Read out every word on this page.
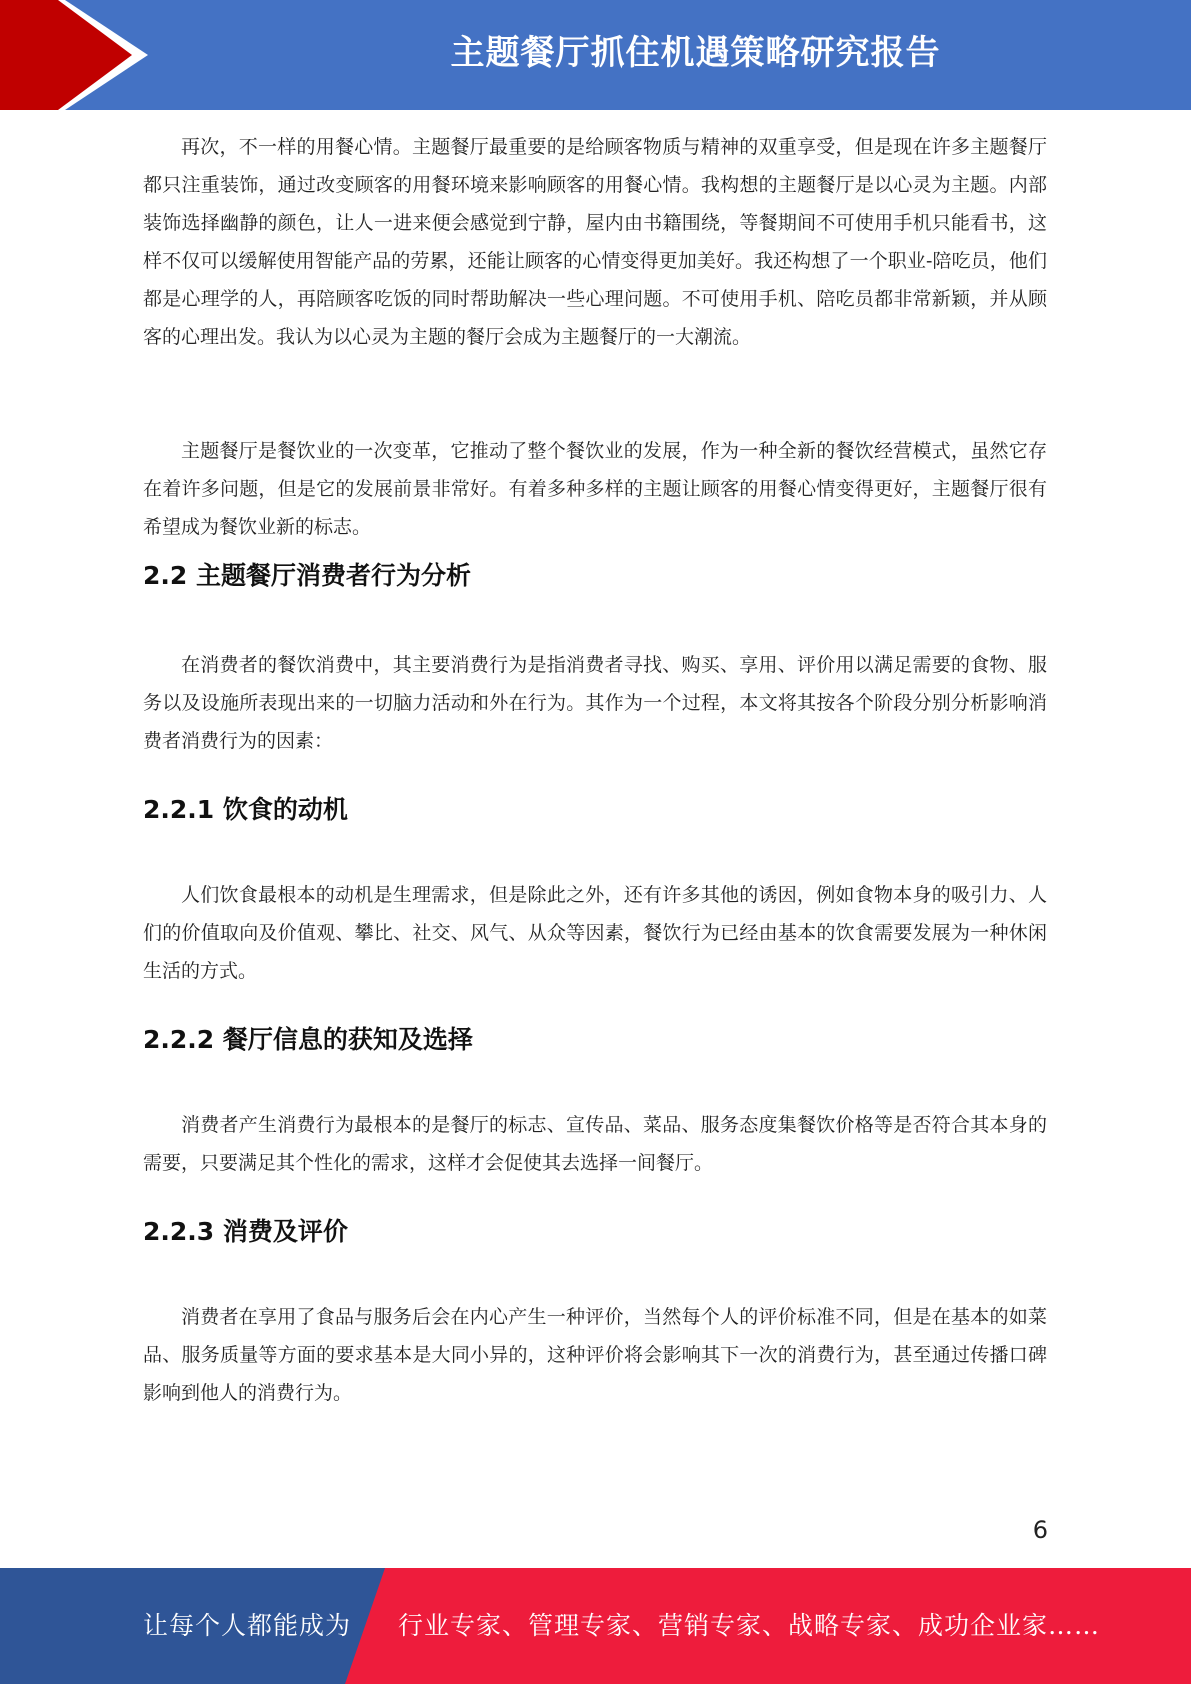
主题餐厅抓住机遇策略研究报告

再次，不一样的用餐心情。主题餐厅最重要的是给顾客物质与精神的双重享受，但是现在许多主题餐厅都只注重装饰，通过改变顾客的用餐环境来影响顾客的用餐心情。我构想的主题餐厅是以心灵为主题。内部装饰选择幽静的颜色，让人一进来便会感觉到宁静，屋内由书籍围绕，等餐期间不可使用手机只能看书，这样不仅可以缓解使用智能产品的劳累，还能让顾客的心情变得更加美好。我还构想了一个职业-陪吃员，他们都是心理学的人，再陪顾客吃饭的同时帮助解决一些心理问题。不可使用手机、陪吃员都非常新颖，并从顾客的心理出发。我认为以心灵为主题的餐厅会成为主题餐厅的一大潮流。

主题餐厅是餐饮业的一次变革，它推动了整个餐饮业的发展，作为一种全新的餐饮经营模式，虽然它存在着许多问题，但是它的发展前景非常好。有着多种多样的主题让顾客的用餐心情变得更好，主题餐厅很有希望成为餐饮业新的标志。

2.2 主题餐厅消费者行为分析

在消费者的餐饮消费中，其主要消费行为是指消费者寻找、购买、享用、评价用以满足需要的食物、服务以及设施所表现出来的一切脑力活动和外在行为。其作为一个过程，本文将其按各个阶段分别分析影响消费者消费行为的因素：

2.2.1 饮食的动机

人们饮食最根本的动机是生理需求，但是除此之外，还有许多其他的诱因，例如食物本身的吸引力、人们的价值取向及价值观、攀比、社交、风气、从众等因素，餐饮行为已经由基本的饮食需要发展为一种休闲生活的方式。

2.2.2 餐厅信息的获知及选择

消费者产生消费行为最根本的是餐厅的标志、宣传品、菜品、服务态度集餐饮价格等是否符合其本身的需要，只要满足其个性化的需求，这样才会促使其去选择一间餐厅。

2.2.3 消费及评价

消费者在享用了食品与服务后会在内心产生一种评价，当然每个人的评价标准不同，但是在基本的如菜品、服务质量等方面的要求基本是大同小异的，这种评价将会影响其下一次的消费行为，甚至通过传播口碑影响到他人的消费行为。

6
让每个人都能成为 行业专家、管理专家、营销专家、战略专家、成功企业家……
